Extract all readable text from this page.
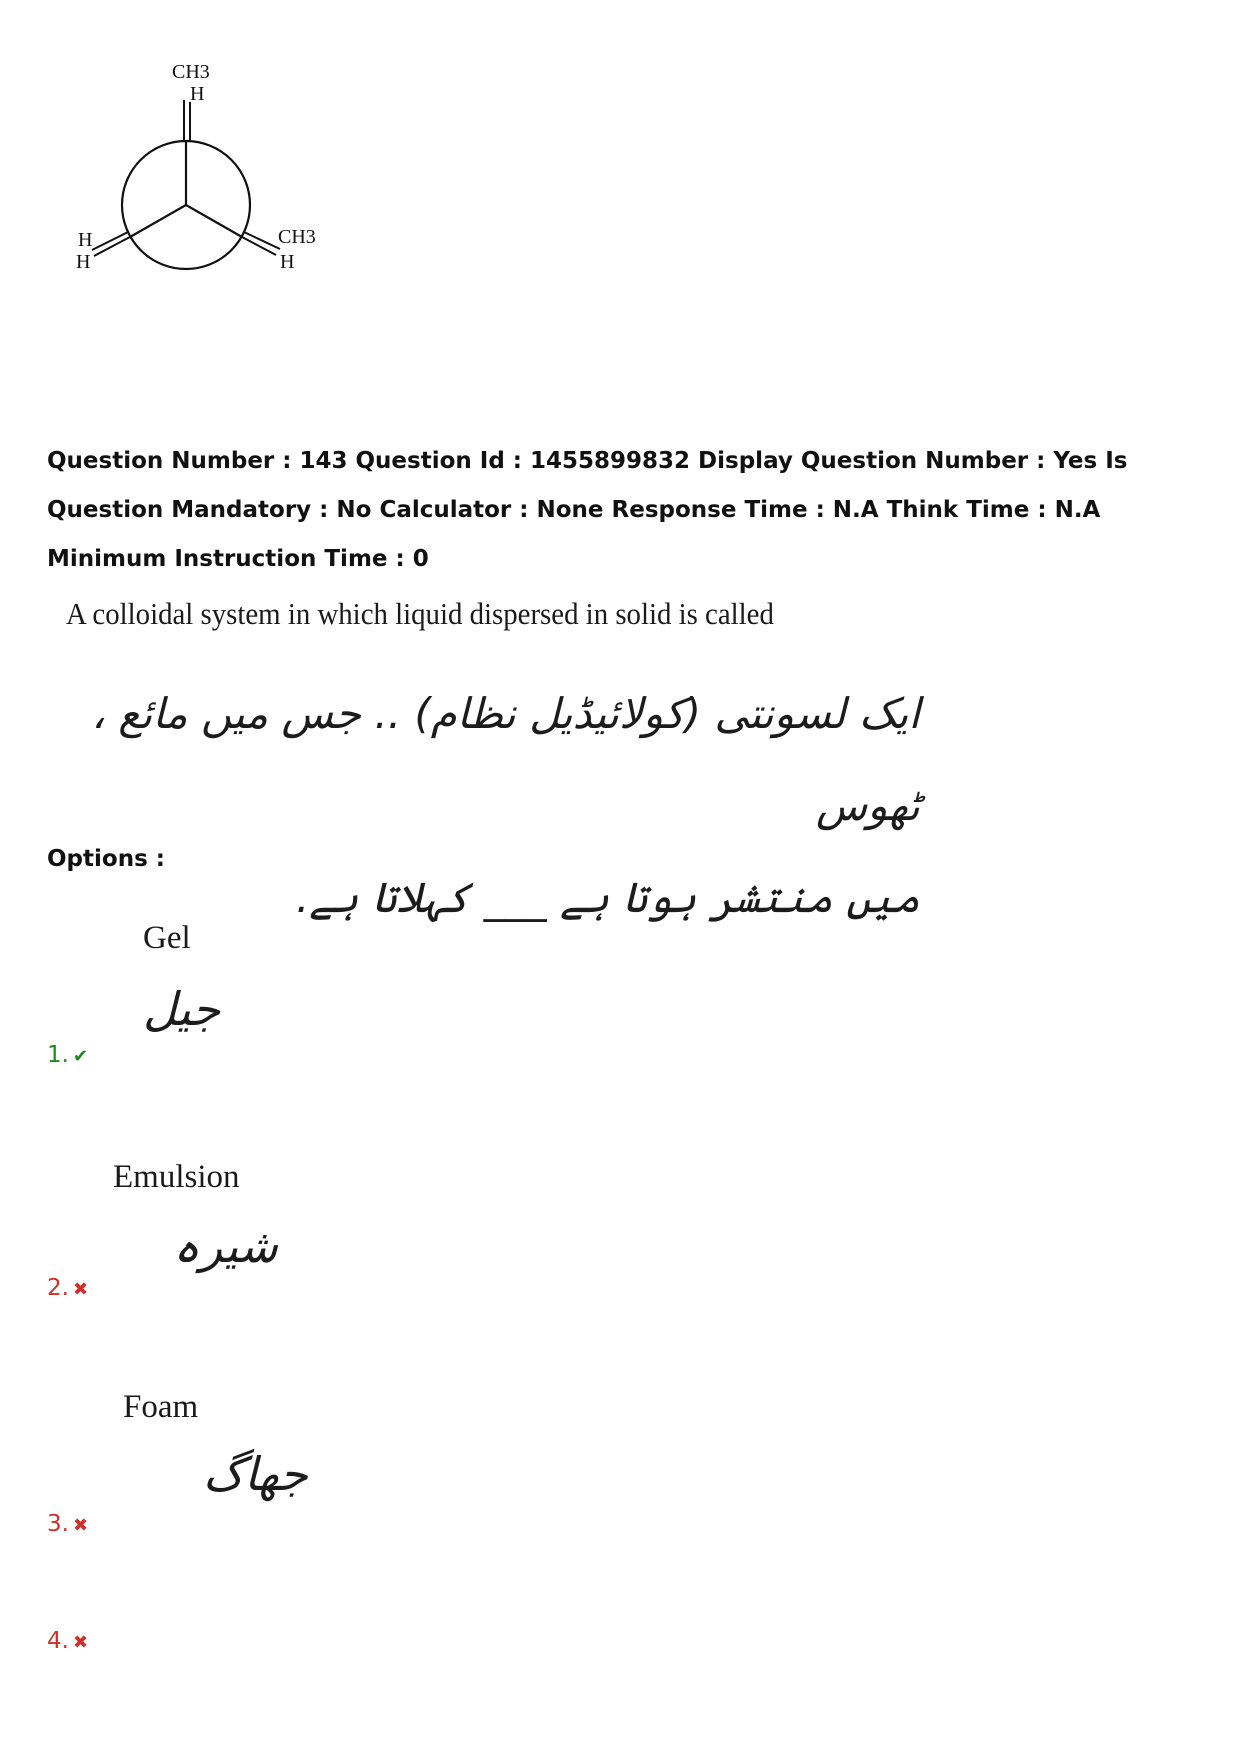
CH3
H
H
H
CH3
H
Question Number : 143 Question Id : 1455899832 Display Question Number : Yes Is Question Mandatory : No Calculator : None Response Time : N.A Think Time : N.A Minimum Instruction Time : 0
A colloidal system in which liquid dispersed in solid is called
ایک لسونتی (کولائیڈیل نظام) .. جس میں مائع ، ٹھوس
میں منتشر ہوتا ہے ___ کہلاتا ہے.
Options :
Gel
جیل
1. ✔
Emulsion
شیرہ
2. ✖
Foam
جھاگ
3. ✖
4. ✖
